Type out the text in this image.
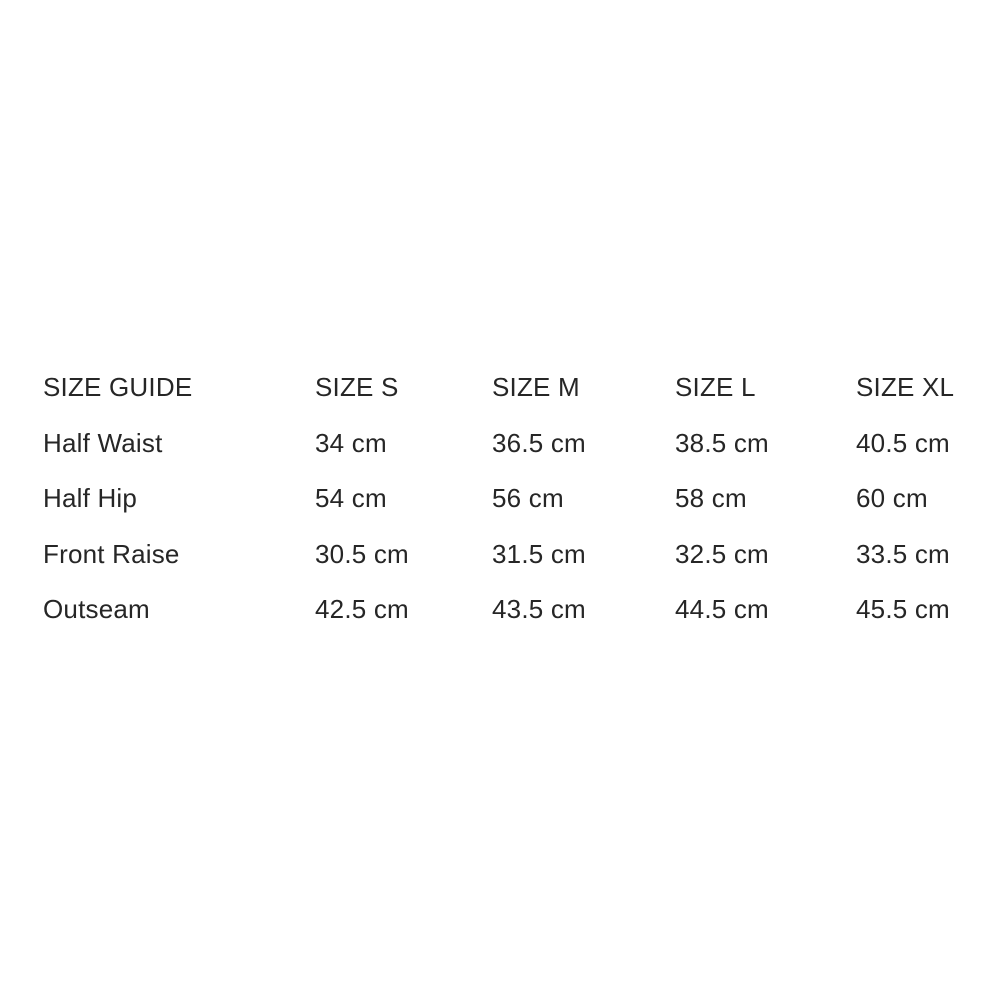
SIZE GUIDE	SIZE S	SIZE M	SIZE L	SIZE XL
Half Waist	34 cm	36.5 cm	38.5 cm	40.5 cm
Half Hip	54 cm	56 cm	58 cm	60 cm
Front Raise	30.5 cm	31.5 cm	32.5 cm	33.5 cm
Outseam	42.5 cm	43.5 cm	44.5 cm	45.5 cm
